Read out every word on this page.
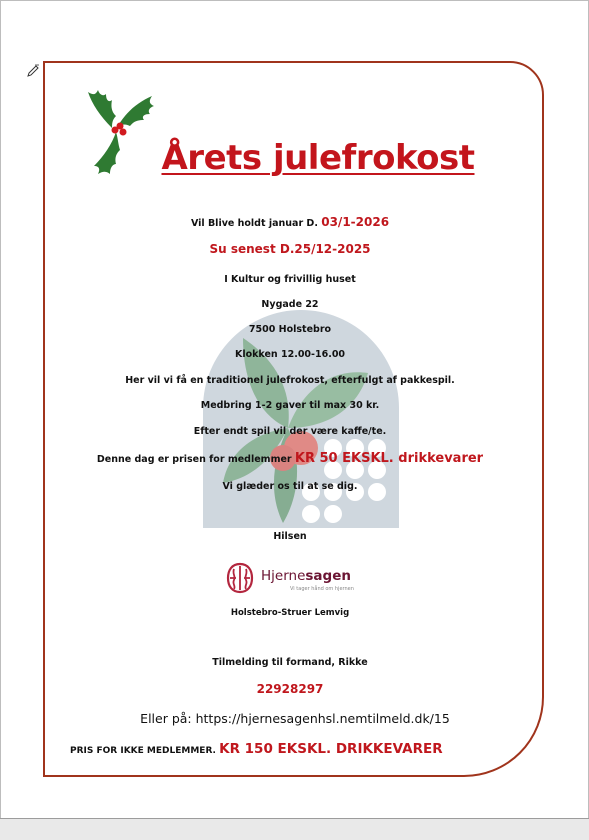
Årets julefrokost
Vil Blive holdt januar D. 03/1-2026
Su senest D.25/12-2025
I Kultur og frivillig huset
Nygade 22
7500 Holstebro
Klokken 12.00-16.00
Her vil vi få en traditionel julefrokost, efterfulgt af pakkespil.
Medbring 1-2 gaver til max 30 kr.
Efter endt spil vil der være kaffe/te.
Denne dag er prisen for medlemmer KR 50 EKSKL. drikkevarer
Vi glæder os til at se dig.
Hilsen
Hjernesagen
Vi tager hånd om hjernen
Holstebro-Struer Lemvig
Tilmelding til formand, Rikke
22928297
Eller på: https://hjernesagenhsl.nemtilmeld.dk/15
PRIS FOR IKKE MEDLEMMER. KR 150 EKSKL. DRIKKEVARER
